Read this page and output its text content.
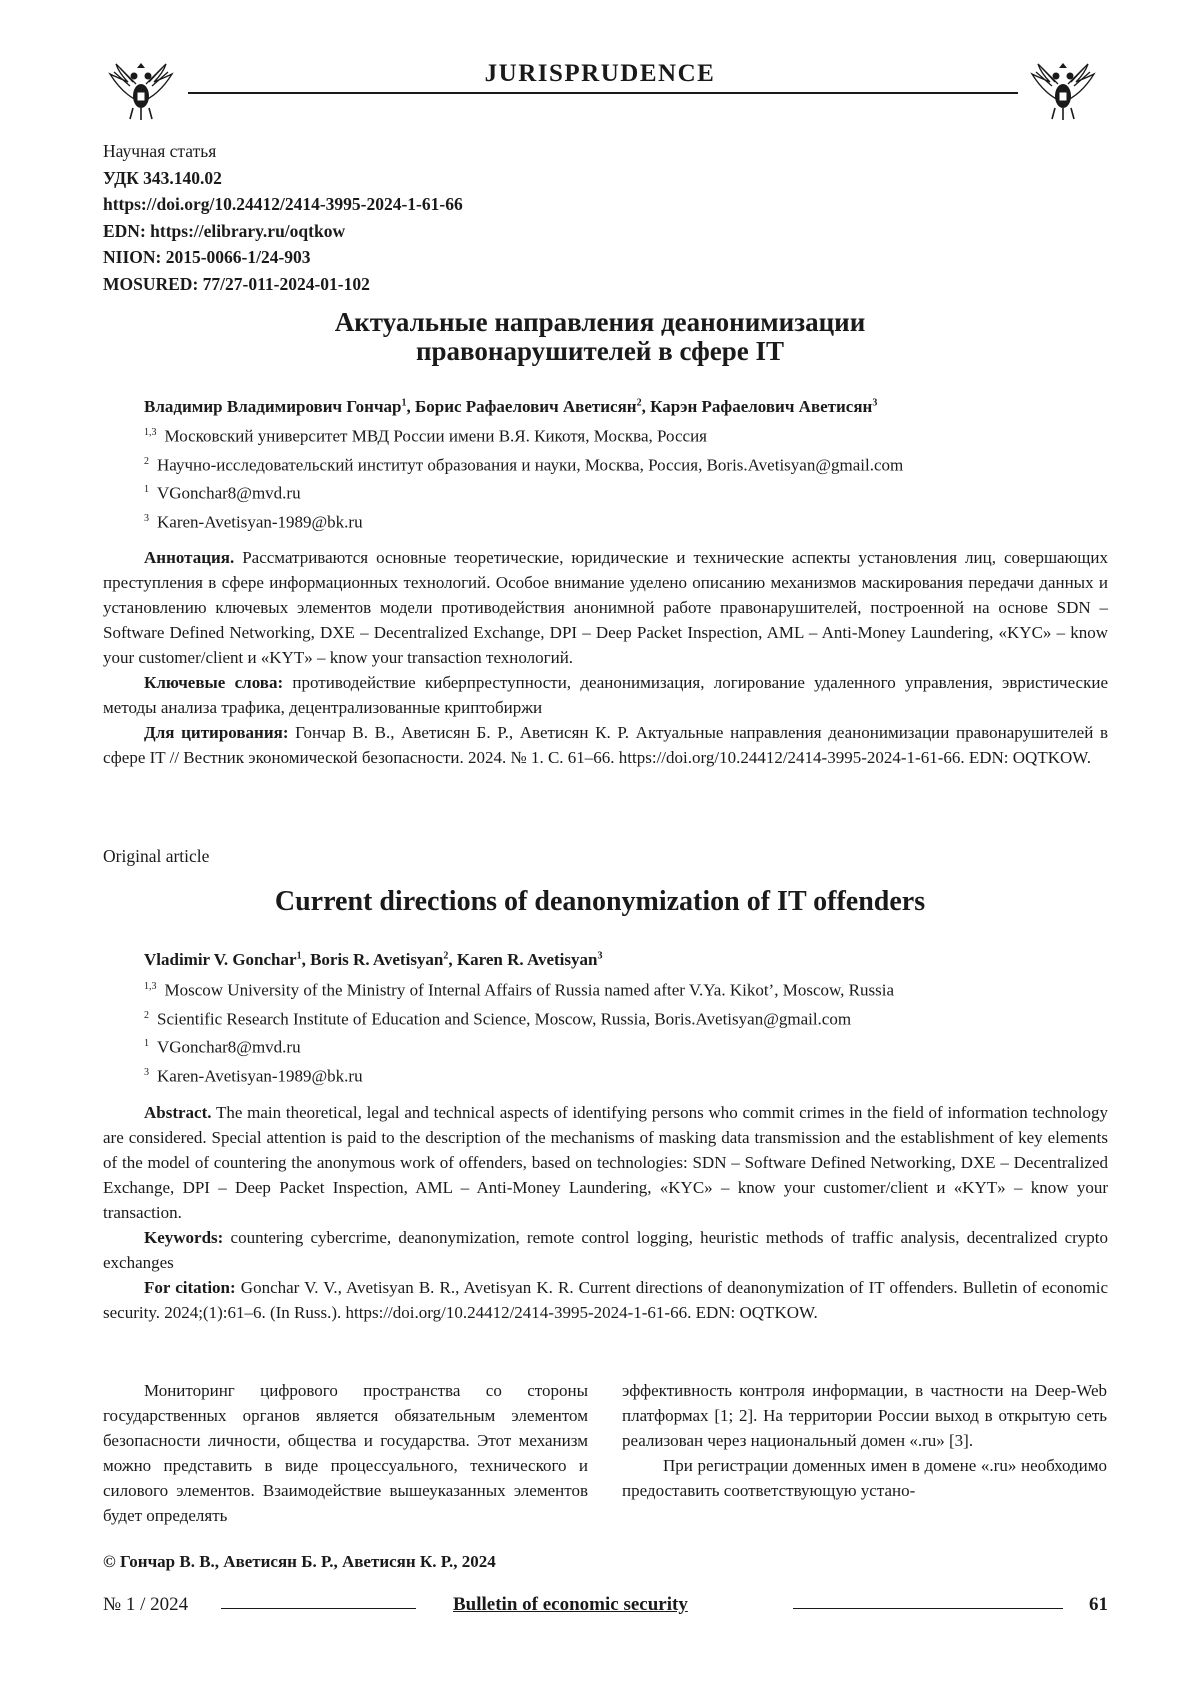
JURISPRUDENCE
Научная статья
УДК 343.140.02
https://doi.org/10.24412/2414-3995-2024-1-61-66
EDN: https://elibrary.ru/oqtkow
NIION: 2015-0066-1/24-903
MOSURED: 77/27-011-2024-01-102
Актуальные направления деанонимизации
правонарушителей в сфере IT
Владимир Владимирович Гончар$^1$, Борис Рафаелович Аветисян$^2$, Карэн Рафаелович Аветисян$^3$
$^{1,3}$ Московский университет МВД России имени В.Я. Кикотя, Москва, Россия
$^2$ Научно-исследовательский институт образования и науки, Москва, Россия, Boris.Avetisyan@gmail.com
$^1$ VGonchar8@mvd.ru
$^3$ Karen-Avetisyan-1989@bk.ru

Аннотация. Рассматриваются основные теоретические, юридические и технические аспекты установления лиц, совершающих преступления в сфере информационных технологий. Особое внимание уделено описанию механизмов маскирования передачи данных и установлению ключевых элементов модели противодействия анонимной работе правонарушителей, построенной на основе SDN – Software Defined Networking, DXE – Decentralized Exchange, DPI – Deep Packet Inspection, AML – Anti-Money Laundering, «KYC» – know your customer/client и «KYT» – know your transaction технологий.

Ключевые слова: противодействие киберпреступности, деанонимизация, логирование удаленного управления, эвристические методы анализа трафика, децентрализованные криптобиржи

Для цитирования: Гончар В. В., Аветисян Б. Р., Аветисян К. Р. Актуальные направления деанонимизации правонарушителей в сфере IT // Вестник экономической безопасности. 2024. № 1. С. 61–66. https://doi.org/10.24412/2414-3995-2024-1-61-66. EDN: OQTKOW.

Original article
Current directions of deanonymization of IT offenders
Vladimir V. Gonchar$^1$, Boris R. Avetisyan$^2$, Karen R. Avetisyan$^3$
$^{1,3}$ Moscow University of the Ministry of Internal Affairs of Russia named after V.Ya. Kikot’, Moscow, Russia
$^2$ Scientific Research Institute of Education and Science, Moscow, Russia, Boris.Avetisyan@gmail.com
$^1$ VGonchar8@mvd.ru
$^3$ Karen-Avetisyan-1989@bk.ru

Abstract. The main theoretical, legal and technical aspects of identifying persons who commit crimes in the field of information technology are considered. Special attention is paid to the description of the mechanisms of masking data transmission and the establishment of key elements of the model of countering the anonymous work of offenders, based on technologies: SDN – Software Defined Networking, DXE – Decentralized Exchange, DPI – Deep Packet Inspection, AML – Anti-Money Laundering, «KYC» – know your customer/client и «KYT» – know your transaction.

Keywords: countering cybercrime, deanonymization, remote control logging, heuristic methods of traffic analysis, decentralized crypto exchanges

For citation: Gonchar V. V., Avetisyan B. R., Avetisyan K. R. Current directions of deanonymization of IT offenders. Bulletin of economic security. 2024;(1):61–6. (In Russ.). https://doi.org/10.24412/2414-3995-2024-1-61-66. EDN: OQTKOW.

Мониторинг цифрового пространства со стороны государственных органов является обязательным элементом безопасности личности, общества и государства. Этот механизм можно представить в виде процессуального, технического и силового элементов. Взаимодействие вышеуказанных элементов будет определять

эффективность контроля информации, в частности на Deep-Web платформах [1; 2]. На территории России выход в открытую сеть реализован через национальный домен «.ru» [3].

При регистрации доменных имен в домене «.ru» необходимо предоставить соответствующую устано-

© Гончар В. В., Аветисян Б. Р., Аветисян К. Р., 2024
№ 1 / 2024	Bulletin of economic security	61
